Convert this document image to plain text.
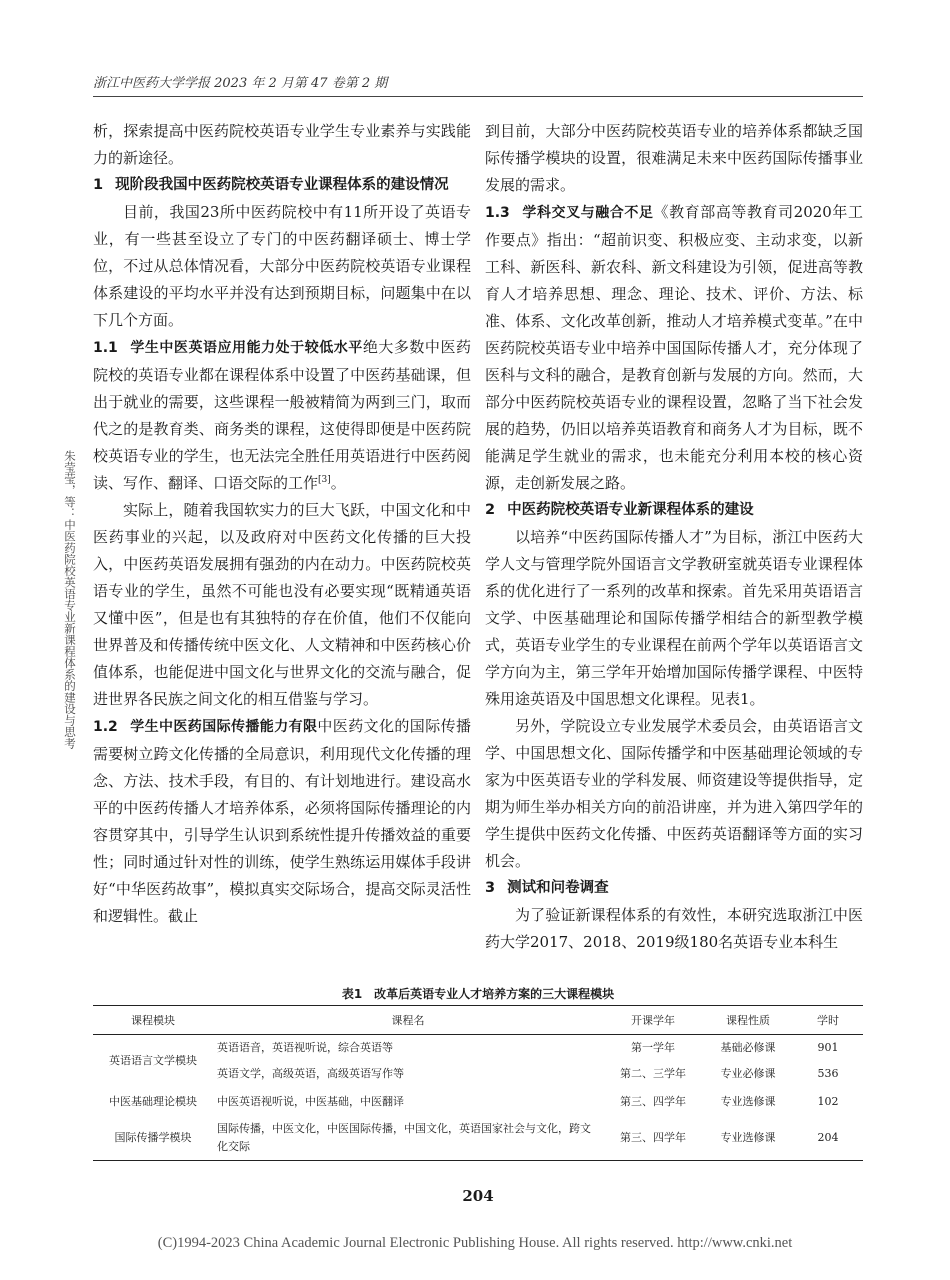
浙江中医药大学学报 2023 年 2 月第 47 卷第 2 期
朱莹莹，等：中医药院校英语专业新课程体系的建设与思考

析，探索提高中医药院校英语专业学生专业素养与实践能力的新途径。

1 现阶段我国中医药院校英语专业课程体系的建设情况

目前，我国23所中医药院校中有11所开设了英语专业，有一些甚至设立了专门的中医药翻译硕士、博士学位，不过从总体情况看，大部分中医药院校英语专业课程体系建设的平均水平并没有达到预期目标，问题集中在以下几个方面。

1.1 学生中医英语应用能力处于较低水平绝大多数中医药院校的英语专业都在课程体系中设置了中医药基础课，但出于就业的需要，这些课程一般被精简为两到三门，取而代之的是教育类、商务类的课程，这使得即便是中医药院校英语专业的学生，也无法完全胜任用英语进行中医药阅读、写作、翻译、口语交际的工作[3]。

实际上，随着我国软实力的巨大飞跃，中国文化和中医药事业的兴起，以及政府对中医药文化传播的巨大投入，中医药英语发展拥有强劲的内在动力。中医药院校英语专业的学生，虽然不可能也没有必要实现“既精通英语又懂中医”，但是也有其独特的存在价值，他们不仅能向世界普及和传播传统中医文化、人文精神和中医药核心价值体系，也能促进中国文化与世界文化的交流与融合，促进世界各民族之间文化的相互借鉴与学习。

1.2 学生中医药国际传播能力有限中医药文化的国际传播需要树立跨文化传播的全局意识，利用现代文化传播的理念、方法、技术手段，有目的、有计划地进行。建设高水平的中医药传播人才培养体系，必须将国际传播理论的内容贯穿其中，引导学生认识到系统性提升传播效益的重要性；同时通过针对性的训练，使学生熟练运用媒体手段讲好“中华医药故事”，模拟真实交际场合，提高交际灵活性和逻辑性。截止

到目前，大部分中医药院校英语专业的培养体系都缺乏国际传播学模块的设置，很难满足未来中医药国际传播事业发展的需求。

1.3 学科交叉与融合不足《教育部高等教育司2020年工作要点》指出：“超前识变、积极应变、主动求变，以新工科、新医科、新农科、新文科建设为引领，促进高等教育人才培养思想、理念、理论、技术、评价、方法、标准、体系、文化改革创新，推动人才培养模式变革。”在中医药院校英语专业中培养中国国际传播人才，充分体现了医科与文科的融合，是教育创新与发展的方向。然而，大部分中医药院校英语专业的课程设置，忽略了当下社会发展的趋势，仍旧以培养英语教育和商务人才为目标，既不能满足学生就业的需求，也未能充分利用本校的核心资源，走创新发展之路。

2 中医药院校英语专业新课程体系的建设

以培养“中医药国际传播人才”为目标，浙江中医药大学人文与管理学院外国语言文学教研室就英语专业课程体系的优化进行了一系列的改革和探索。首先采用英语语言文学、中医基础理论和国际传播学相结合的新型教学模式，英语专业学生的专业课程在前两个学年以英语语言文学方向为主，第三学年开始增加国际传播学课程、中医特殊用途英语及中国思想文化课程。见表1。

另外，学院设立专业发展学术委员会，由英语语言文学、中国思想文化、国际传播学和中医基础理论领域的专家为中医英语专业的学科发展、师资建设等提供指导，定期为师生举办相关方向的前沿讲座，并为进入第四学年的学生提供中医药文化传播、中医药英语翻译等方面的实习机会。

3 测试和问卷调查

为了验证新课程体系的有效性，本研究选取浙江中医药大学2017、2018、2019级180名英语专业本科生

表1　改革后英语专业人才培养方案的三大课程模块
课程模块	课程名	开课学年	课程性质	学时
英语语言文学模块	英语语音，英语视听说，综合英语等	第一学年	基础必修课	901
	英语文学，高级英语，高级英语写作等	第二、三学年	专业必修课	536
中医基础理论模块	中医英语视听说，中医基础，中医翻译	第三、四学年	专业选修课	102
国际传播学模块	国际传播，中医文化，中医国际传播，中国文化，英语国家社会与文化，跨文化交际	第三、四学年	专业选修课	204
204
(C)1994-2023 China Academic Journal Electronic Publishing House. All rights reserved. http://www.cnki.net
